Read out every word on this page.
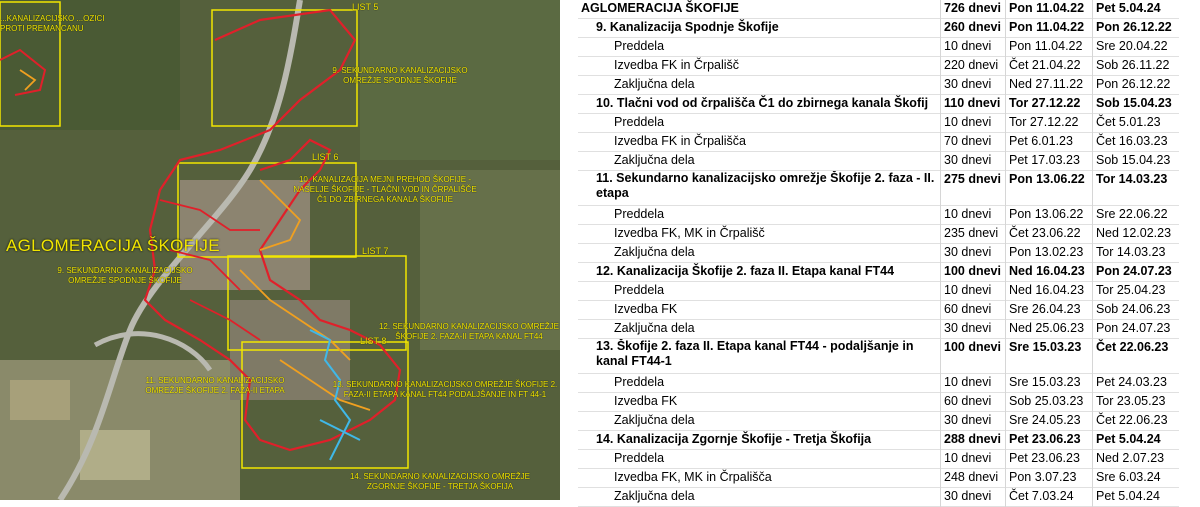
LIST 5
LIST 6
LIST 7
LIST 8
...KANALIZACIJSKO ...OZICI PROTI PREMANCANU
9. SEKUNDARNO KANALIZACIJSKO OMREŽJE SPODNJE ŠKOFIJE
10. KANALIZACIJA MEJNI PREHOD ŠKOFIJE - NASELJE ŠKOFIJE - TLAČNI VOD IN ČRPALIŠČE Č1 DO ZBIRNEGA KANALA ŠKOFIJE
AGLOMERACIJA ŠKOFIJE
9. SEKUNDARNO KANALIZACIJSKO OMREŽJE SPODNJE ŠKOFIJE
12. SEKUNDARNO KANALIZACIJSKO OMREŽJE ŠKOFIJE 2. FAZA-II ETAPA KANAL FT44
11. SEKUNDARNO KANALIZACIJSKO OMREŽJE ŠKOFIJE 2. FAZA-II ETAPA
13. SEKUNDARNO KANALIZACIJSKO OMREŽJE ŠKOFIJE 2. FAZA-II ETAPA KANAL FT44 PODALJŠANJE IN FT 44-1
14. SEKUNDARNO KANALIZACIJSKO OMREŽJE ZGORNJE ŠKOFIJE - TRETJA ŠKOFIJA
AGLOMERACIJA ŠKOFIJE	726 dnevi	Pon 11.04.22	Pet 5.04.24
9. Kanalizacija Spodnje Škofije	260 dnevi	Pon 11.04.22	Pon 26.12.22
Preddela	10 dnevi	Pon 11.04.22	Sre 20.04.22
Izvedba FK in Črpališč	220 dnevi	Čet 21.04.22	Sob 26.11.22
Zaključna dela	30 dnevi	Ned 27.11.22	Pon 26.12.22
10. Tlačni vod od črpališča Č1 do zbirnega kanala Škofij	110 dnevi	Tor 27.12.22	Sob 15.04.23
Preddela	10 dnevi	Tor 27.12.22	Čet 5.01.23
Izvedba FK in Črpališča	70 dnevi	Pet 6.01.23	Čet 16.03.23
Zaključna dela	30 dnevi	Pet 17.03.23	Sob 15.04.23
11. Sekundarno kanalizacijsko omrežje Škofije 2. faza - II. etapa	275 dnevi	Pon 13.06.22	Tor 14.03.23
Preddela	10 dnevi	Pon 13.06.22	Sre 22.06.22
Izvedba FK, MK in Črpališč	235 dnevi	Čet 23.06.22	Ned 12.02.23
Zaključna dela	30 dnevi	Pon 13.02.23	Tor 14.03.23
12. Kanalizacija Škofije 2. faza II. Etapa kanal FT44	100 dnevi	Ned 16.04.23	Pon 24.07.23
Preddela	10 dnevi	Ned 16.04.23	Tor 25.04.23
Izvedba FK	60 dnevi	Sre 26.04.23	Sob 24.06.23
Zaključna dela	30 dnevi	Ned 25.06.23	Pon 24.07.23
13. Škofije 2. faza II. Etapa kanal FT44 - podaljšanje in kanal FT44-1	100 dnevi	Sre 15.03.23	Čet 22.06.23
Preddela	10 dnevi	Sre 15.03.23	Pet 24.03.23
Izvedba FK	60 dnevi	Sob 25.03.23	Tor 23.05.23
Zaključna dela	30 dnevi	Sre 24.05.23	Čet 22.06.23
14. Kanalizacija Zgornje Škofije - Tretja Škofija	288 dnevi	Pet 23.06.23	Pet 5.04.24
Preddela	10 dnevi	Pet 23.06.23	Ned 2.07.23
Izvedba FK, MK in Črpališča	248 dnevi	Pon 3.07.23	Sre 6.03.24
Zaključna dela	30 dnevi	Čet 7.03.24	Pet 5.04.24
